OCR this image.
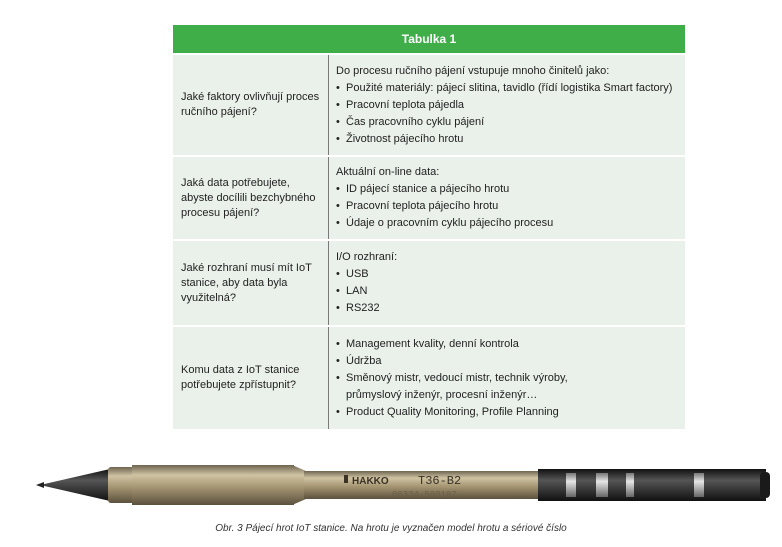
Tabulka 1
Jaké faktory ovlivňují proces ručního pájení?
Do procesu ručního pájení vstupuje mnoho činitelů jako:
• Použité materiály: pájecí slitina, tavidlo (řídí logistika Smart factory)
• Pracovní teplota pájedla
• Čas pracovního cyklu pájení
• Životnost pájecího hrotu
Jaká data potřebujete, abyste docílili bezchybného procesu pájení?
Aktuální on-line data:
• ID pájecí stanice a pájecího hrotu
• Pracovní teplota pájecího hrotu
• Údaje o pracovním cyklu pájecího procesu
Jaké rozhraní musí mít IoT stanice, aby data byla využitelná?
I/O rozhraní:
• USB
• LAN
• RS232
Komu data z IoT stanice potřebujete zpřístupnit?
• Management kvality, denní kontrola
• Údržba
• Směnový mistr, vedoucí mistr, technik výroby,
průmyslový inženýr, procesní inženýr…
• Product Quality Monitoring, Profile Planning
HAKKO T36-B2
06334-500107
Obr. 3 Pájecí hrot IoT stanice. Na hrotu je vyznačen model hrotu a sériové číslo
